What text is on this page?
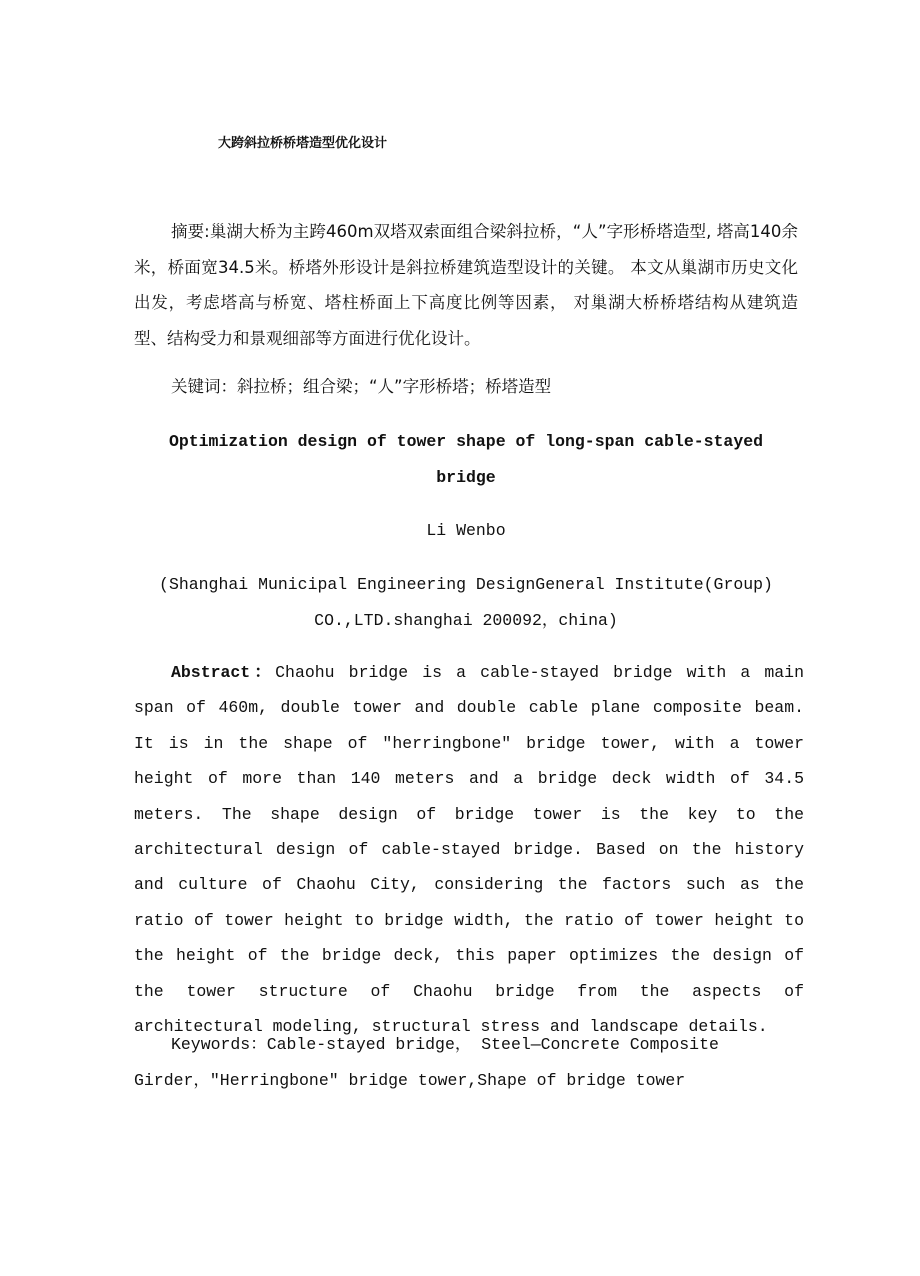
大跨斜拉桥桥塔造型优化设计
摘要:巢湖大桥为主跨460m双塔双索面组合梁斜拉桥，“人”字形桥塔造型, 塔高140余米，桥面宽34.5米。桥塔外形设计是斜拉桥建筑造型设计的关键。 本文从巢湖市历史文化出发，考虑塔高与桥宽、塔柱桥面上下高度比例等因素， 对巢湖大桥桥塔结构从建筑造型、结构受力和景观细部等方面进行优化设计。
关键词：斜拉桥；组合梁；“人”字形桥塔；桥塔造型
Optimization design of tower shape of long-span cable-stayed
bridge
Li Wenbo
(Shanghai Municipal Engineering DesignGeneral Institute(Group)
CO.,LTD.shanghai 200092，china)
Abstract：Chaohu bridge is a cable-stayed bridge with a main span of 460m, double tower and double cable plane composite beam. It is in the shape of "herringbone" bridge tower, with a tower height of more than 140 meters and a bridge deck width of 34.5 meters. The shape design of bridge tower is the key to the architectural design of cable-stayed bridge. Based on the history and culture of Chaohu City, considering the factors such as the ratio of tower height to bridge width, the ratio of tower height to the height of the bridge deck, this paper optimizes the design of the tower structure of Chaohu bridge from the aspects of architectural modeling, structural stress and landscape details.
Keywords：Cable-stayed bridge， Steel—Concrete Composite Girder，"Herringbone" bridge tower,Shape of bridge tower
